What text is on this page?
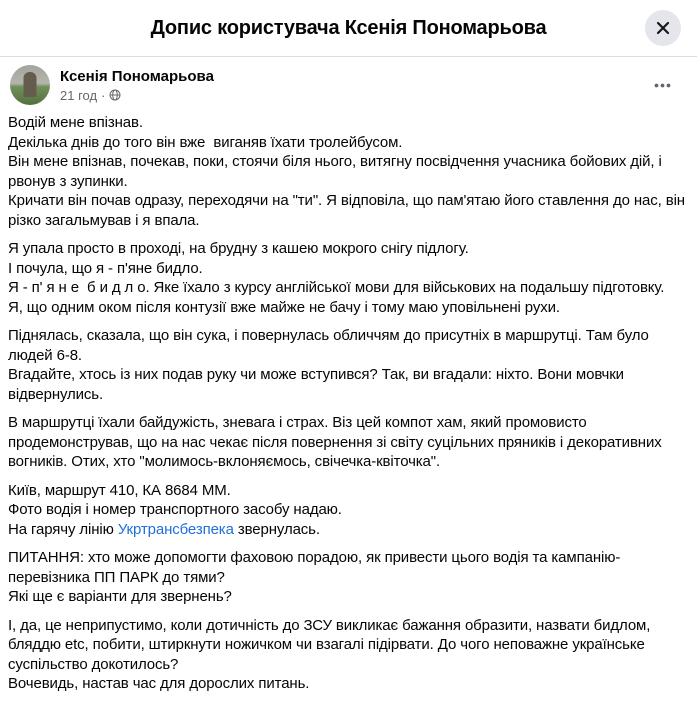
Допис користувача Ксенія Пономарьова
Ксенія Пономарьова
21 год ·

Водій мене впізнав.
Декілька днів до того він вже  виганяв їхати тролейбусом.
Він мене впізнав, почекав, поки, стоячи біля нього, витягну посвідчення учасника бойових дій, і рвонув з зупинки.
Кричати він почав одразу, переходячи на "ти". Я відповіла, що пам'ятаю його ставлення до нас, він різко загальмував і я впала.

Я упала просто в проході, на брудну з кашею мокрого снігу підлогу.
І почула, що я - п'яне бидло.
Я - п' я н е  б и д л о. Яке їхало з курсу англійської мови для військових на подальшу підготовку.
Я, що одним оком після контузії вже майже не бачу і тому маю уповільнені рухи.

Піднялась, сказала, що він сука, і повернулась обличчям до присутніх в маршрутці. Там було людей 6-8.
Вгадайте, хтось із них подав руку чи може вступився? Так, ви вгадали: ніхто. Вони мовчки відвернулись.

В маршрутці їхали байдужість, зневага і страх. Віз цей компот хам, який промовисто продемонстрував, що на нас чекає після повернення зі світу суцільних пряників і декоративних вогників. Отих, хто "молимось-вклоняємось, свічечка-квіточка".

Київ, маршрут 410, КА 8684 ММ.
Фото водія і номер транспортного засобу надаю.
На гарячу лінію Укртрансбезпека звернулась.

ПИТАННЯ: хто може допомогти фаховою порадою, як привести цього водія та кампанію-перевізника ПП ПАРК до тями?
Які ще є варіанти для звернень?

І, да, це неприпустимо, коли дотичність до ЗСУ викликає бажання образити, назвати бидлом, бляддю etc, побити, штиркнути ножичком чи взагалі підірвати. До чого неповажне українське суспільство докотилось?
Вочевидь, настав час для дорослих питань.
